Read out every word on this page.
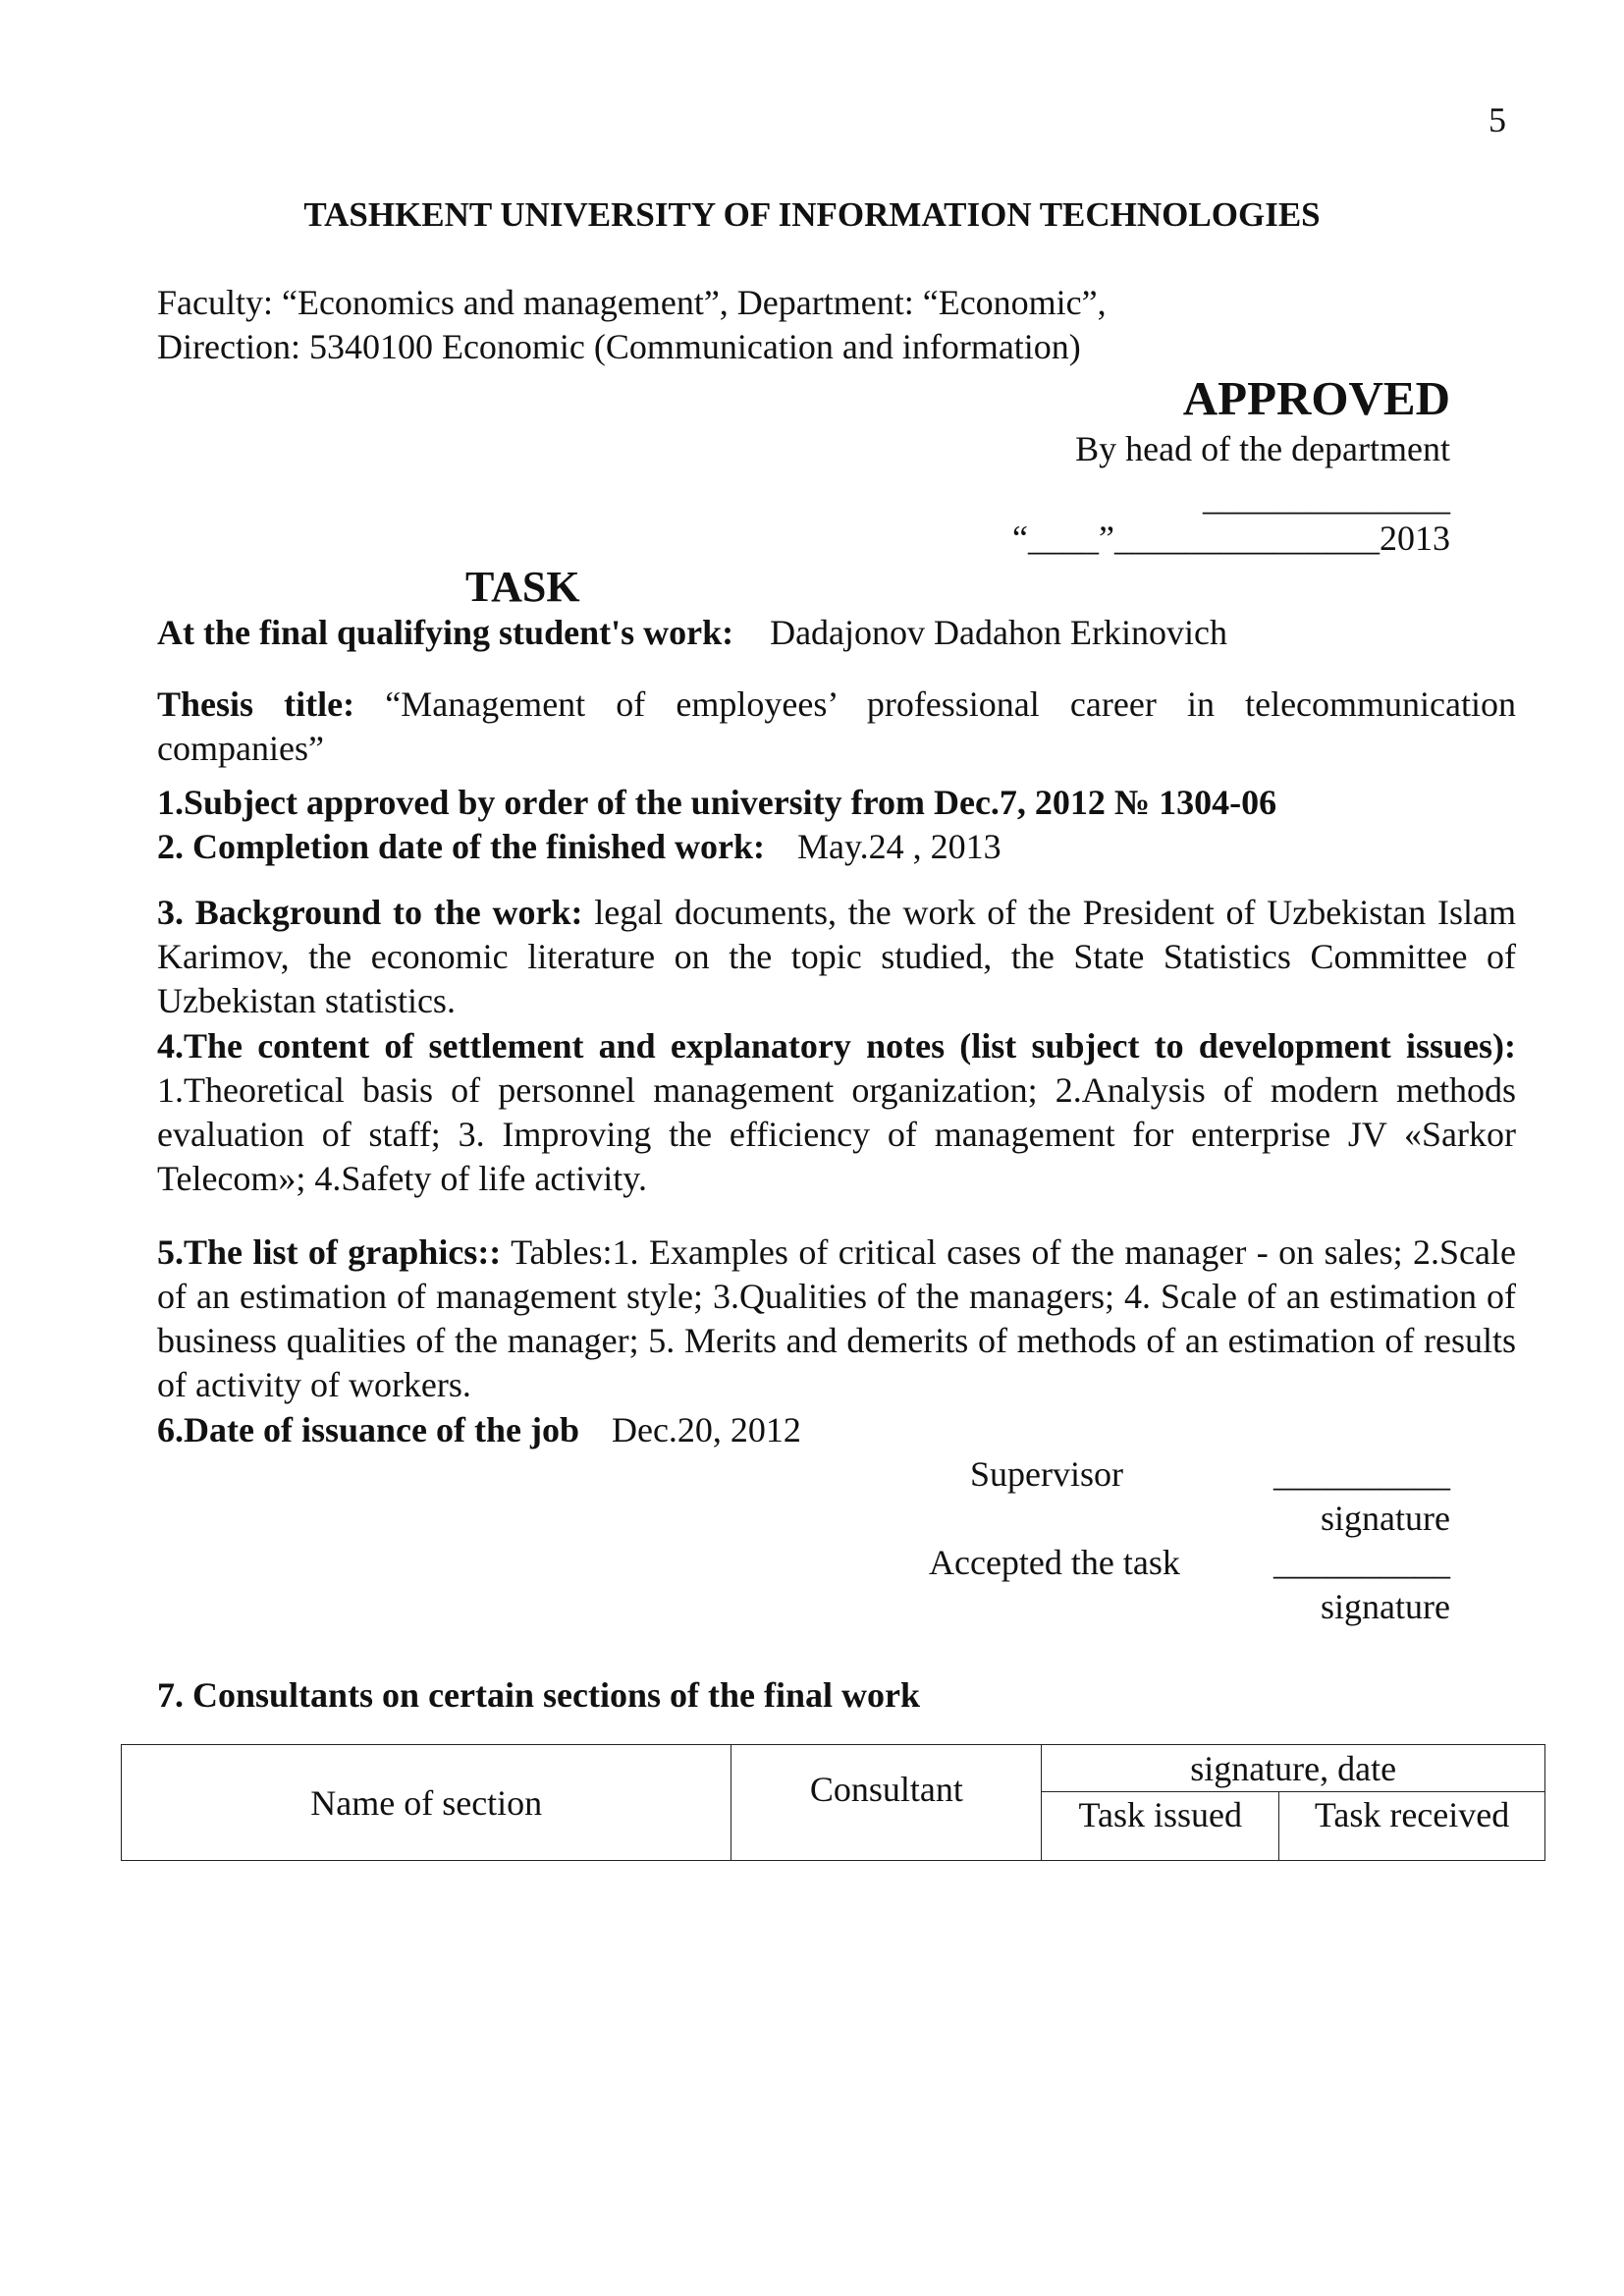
5
TASHKENT UNIVERSITY OF INFORMATION TECHNOLOGIES
Faculty: “Economics and management”, Department: “Economic”,
Direction: 5340100 Economic (Communication and information)
APPROVED
By head of the department
______________
“____”_______________2013
TASK
At the final qualifying student's work: Dadajonov Dadahon Erkinovich
Thesis title: “Management of employees’ professional career in telecommunication companies”
1.Subject approved by order of the university from Dec.7, 2012 № 1304-06
2. Completion date of the finished work: May.24 , 2013
3. Background to the work: legal documents, the work of the President of Uzbekistan Islam Karimov, the economic literature on the topic studied, the State Statistics Committee of Uzbekistan statistics.
4.The content of settlement and explanatory notes (list subject to development issues): 1.Theoretical basis of personnel management organization; 2.Analysis of modern methods evaluation of staff; 3. Improving the efficiency of management for enterprise JV «Sarkor Telecom»; 4.Safety of life activity.
5.The list of graphics:: Tables:1. Examples of critical cases of the manager - on sales; 2.Scale of an estimation of management style; 3.Qualities of the managers; 4. Scale of an estimation of business qualities of the manager; 5. Merits and demerits of methods of an estimation of results of activity of workers.
6.Date of issuance of the job Dec.20, 2012
Supervisor	__________
signature
Accepted the task	__________
signature
7. Consultants on certain sections of the final work
Name of section	Consultant	signature, date	
		Task issued	Task received
